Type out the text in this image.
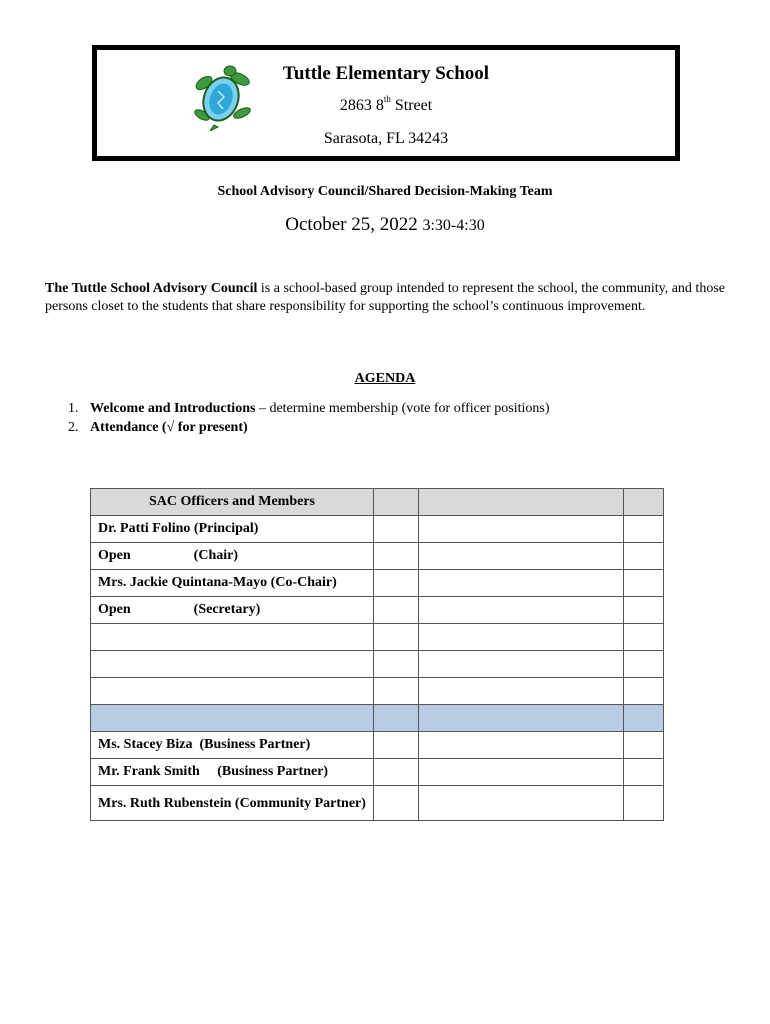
Tuttle Elementary School
2863 8th Street
Sarasota, FL 34243
School Advisory Council/Shared Decision-Making Team
October 25, 2022 3:30-4:30
The Tuttle School Advisory Council is a school-based group intended to represent the school, the community, and those persons closet to the students that share responsibility for supporting the school’s continuous improvement.
AGENDA
1. Welcome and Introductions – determine membership (vote for officer positions)
2. Attendance (√ for present)
SAC Officers and Members			
Dr. Patti Folino (Principal)			
Open                  (Chair)			
Mrs. Jackie Quintana-Mayo (Co-Chair)			
Open                  (Secretary)			

Ms. Stacey Biza  (Business Partner)			
Mr. Frank Smith     (Business Partner)			
Mrs. Ruth Rubenstein (Community Partner)			
